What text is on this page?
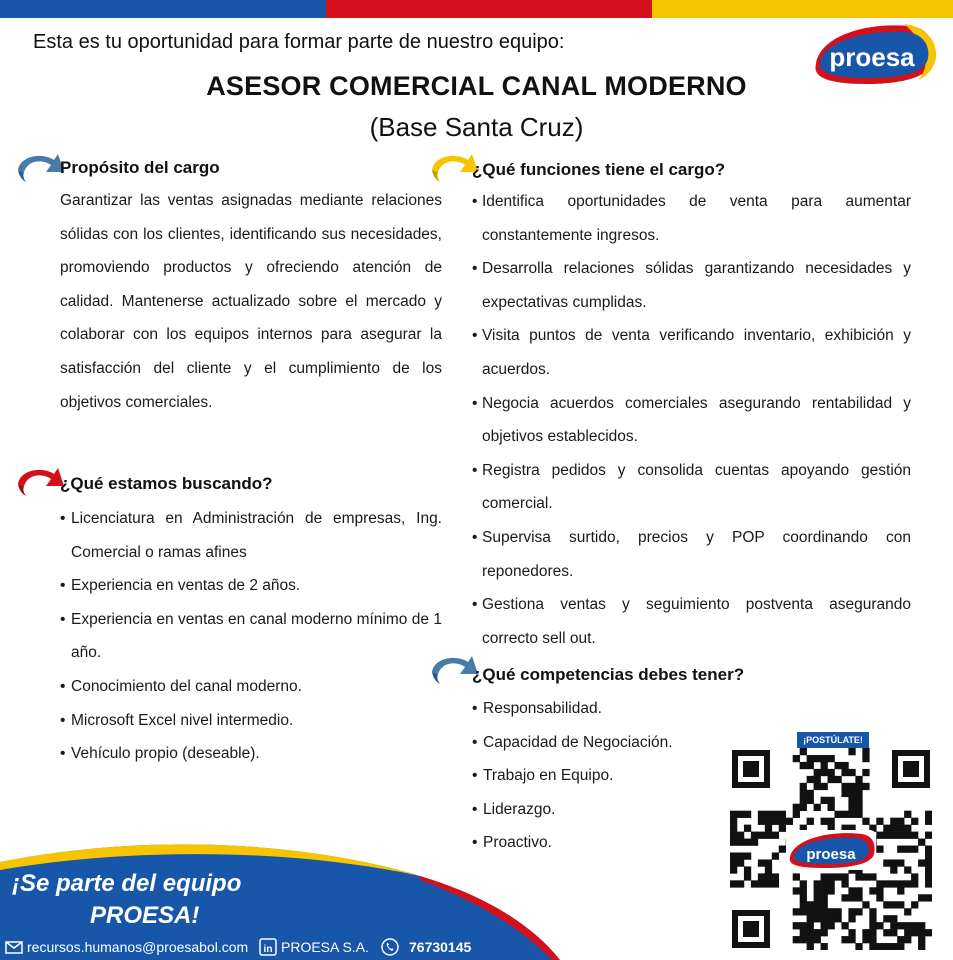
Esta es tu oportunidad para formar parte de nuestro equipo:	proesa
ASESOR COMERCIAL CANAL MODERNO
(Base Santa Cruz)
Propósito del cargo
Garantizar las ventas asignadas mediante relaciones sólidas con los clientes, identificando sus necesidades, promoviendo productos y ofreciendo atención de calidad. Mantenerse actualizado sobre el mercado y colaborar con los equipos internos para asegurar la satisfacción del cliente y el cumplimiento de los objetivos comerciales.
¿Qué estamos buscando?
• Licenciatura en Administración de empresas, Ing. Comercial o ramas afines
• Experiencia en ventas de 2 años.
• Experiencia en ventas en canal moderno mínimo de 1 año.
• Conocimiento del canal moderno.
• Microsoft Excel nivel intermedio.
• Vehículo propio (deseable).
¿Qué funciones tiene el cargo?
• Identifica oportunidades de venta para aumentar constantemente ingresos.
• Desarrolla relaciones sólidas garantizando necesidades y expectativas cumplidas.
• Visita puntos de venta verificando inventario, exhibición y acuerdos.
• Negocia acuerdos comerciales asegurando rentabilidad y objetivos establecidos.
• Registra pedidos y consolida cuentas apoyando gestión comercial.
• Supervisa surtido, precios y POP coordinando con reponedores.
• Gestiona ventas y seguimiento postventa asegurando correcto sell out.
¿Qué competencias debes tener?
• Responsabilidad.
• Capacidad de Negociación.
• Trabajo en Equipo.
• Liderazgo.
• Proactivo.
¡POSTÚLATE!
proesa
¡Se parte del equipo
PROESA!
recursos.humanos@proesabol.com in PROESA S.A.	76730145
